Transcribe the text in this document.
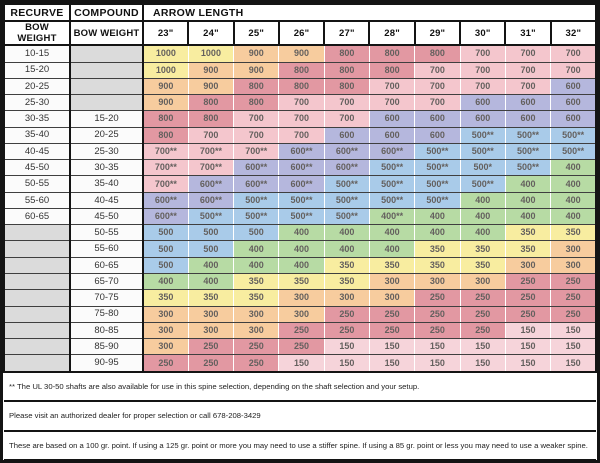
RECURVE	COMPOUND	ARROW LENGTH									
BOW WEIGHT	BOW WEIGHT	23"	24"	25"	26"	27"	28"	29"	30"	31"	32"
10-15		1000	1000	900	900	800	800	800	700	700	700
15-20		1000	900	900	800	800	800	700	700	700	700
20-25		900	900	800	800	800	700	700	700	700	600
25-30		900	800	800	700	700	700	700	600	600	600
30-35	15-20	800	800	700	700	700	600	600	600	600	600
35-40	20-25	800	700	700	700	600	600	600	500**	500**	500**
40-45	25-30	700**	700**	700**	600**	600**	600**	500**	500**	500**	500**
45-50	30-35	700**	700**	600**	600**	600**	500**	500**	500*	500**	400
50-55	35-40	700**	600**	600**	600**	500**	500**	500**	500**	400	400
55-60	40-45	600**	600**	500**	500**	500**	500**	500**	400	400	400
60-65	45-50	600**	500**	500**	500**	500**	400**	400	400	400	400
	50-55	500	500	500	400	400	400	400	400	350	350
	55-60	500	500	400	400	400	400	350	350	350	300
	60-65	500	400	400	400	350	350	350	350	300	300
	65-70	400	400	350	350	350	300	300	300	250	250
	70-75	350	350	350	300	300	300	250	250	250	250
	75-80	300	300	300	300	250	250	250	250	250	250
	80-85	300	300	300	250	250	250	250	250	150	150
	85-90	300	250	250	250	150	150	150	150	150	150
	90-95	250	250	250	150	150	150	150	150	150	150
** The UL 30-50 shafts are also available for use in this spine selection, depending on the shaft selection and your setup.											
Please visit an authorized dealer for proper selection or call 678-208-3429											
These are based on a 100 gr. point. If using a 125 gr. point or more you may need to use a stiffer spine. If using a 85 gr. point or less you may need to use a weaker spine.											
